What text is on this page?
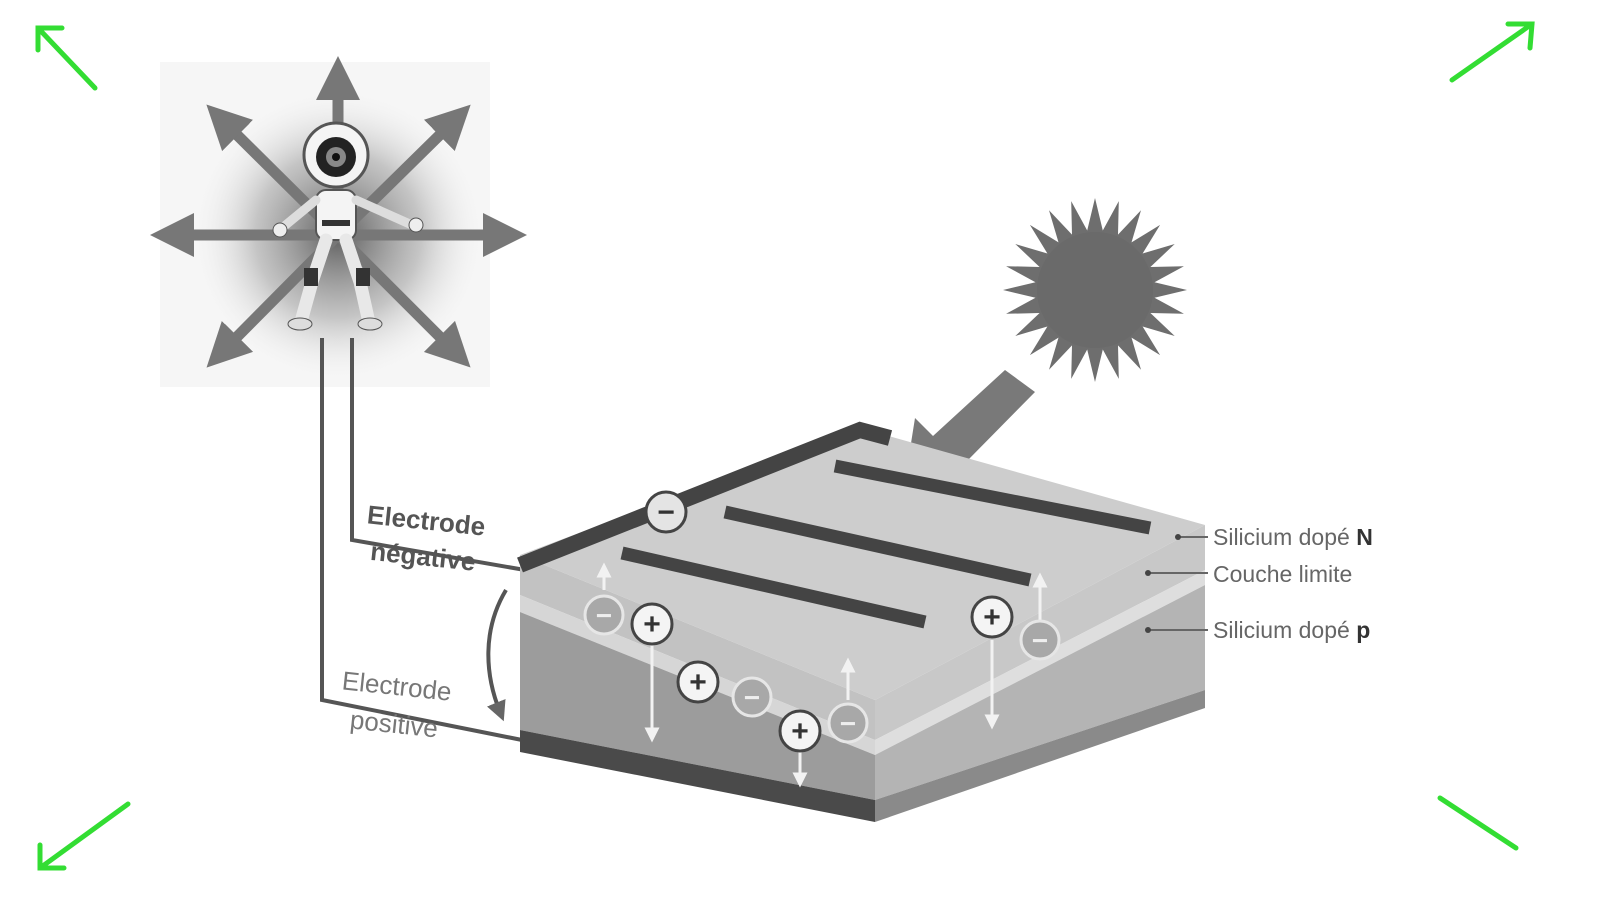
−
− +
+ −
+ −
+
−
Electrode
négative
Electrode
positive
Silicium dopé N
Couche limite
Silicium dopé p
